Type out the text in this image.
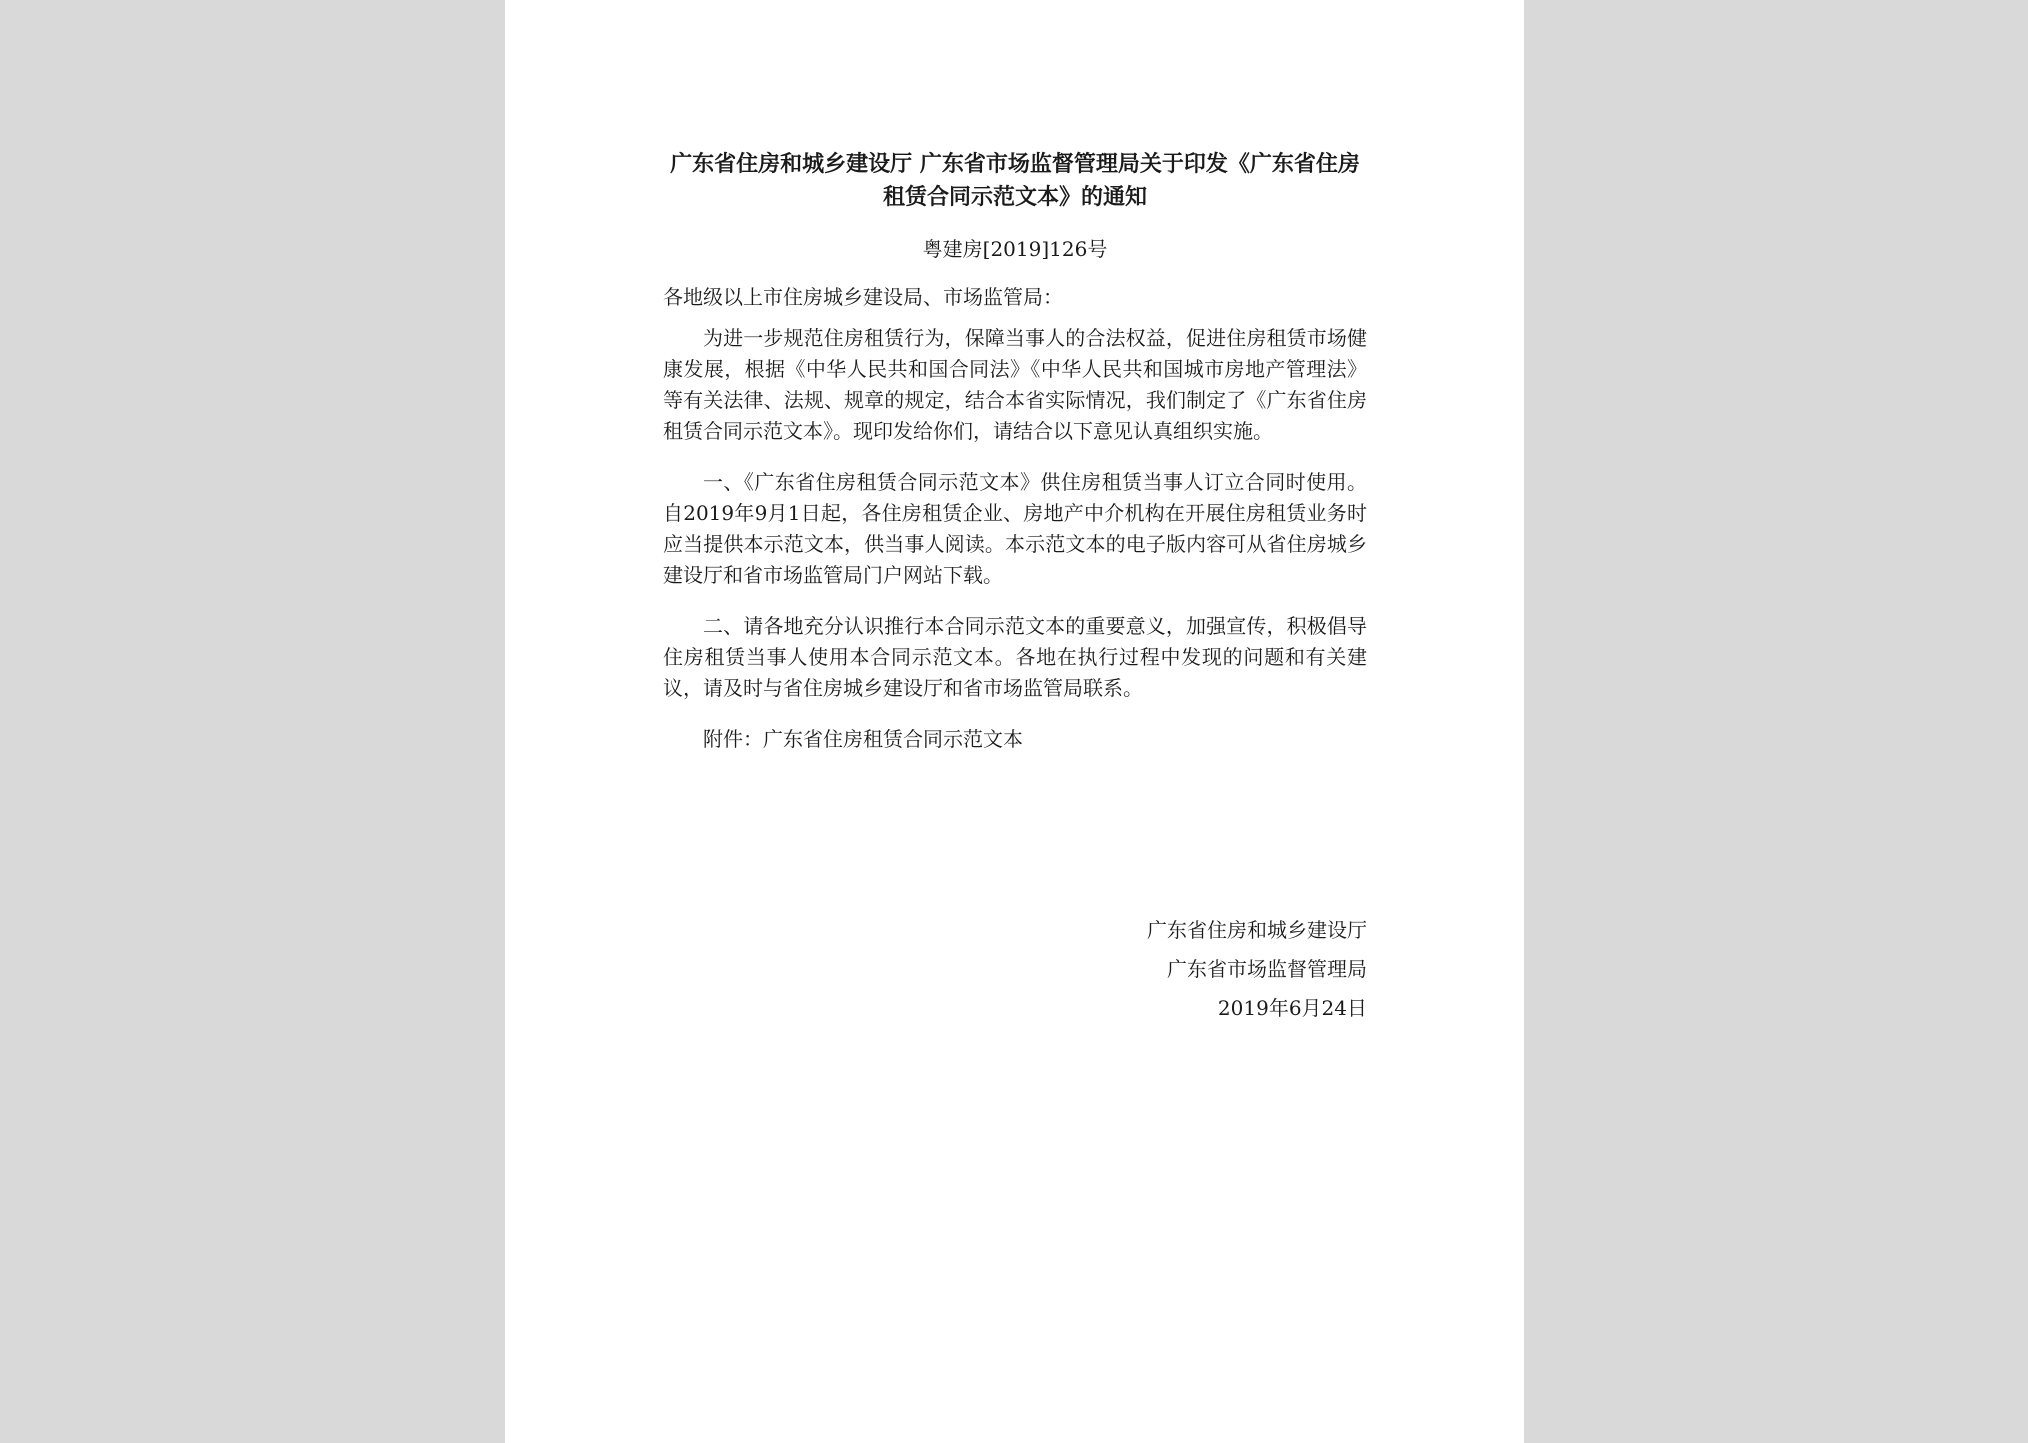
广东省住房和城乡建设厅 广东省市场监督管理局关于印发《广东省住房租赁合同示范文本》的通知
粤建房[2019]126号
各地级以上市住房城乡建设局、市场监管局：

为进一步规范住房租赁行为，保障当事人的合法权益，促进住房租赁市场健康发展，根据《中华人民共和国合同法》《中华人民共和国城市房地产管理法》等有关法律、法规、规章的规定，结合本省实际情况，我们制定了《广东省住房租赁合同示范文本》。现印发给你们，请结合以下意见认真组织实施。

一、《广东省住房租赁合同示范文本》供住房租赁当事人订立合同时使用。自2019年9月1日起，各住房租赁企业、房地产中介机构在开展住房租赁业务时应当提供本示范文本，供当事人阅读。本示范文本的电子版内容可从省住房城乡建设厅和省市场监管局门户网站下载。

二、请各地充分认识推行本合同示范文本的重要意义，加强宣传，积极倡导住房租赁当事人使用本合同示范文本。各地在执行过程中发现的问题和有关建议，请及时与省住房城乡建设厅和省市场监管局联系。

附件：广东省住房租赁合同示范文本
广东省住房和城乡建设厅
广东省市场监督管理局
2019年6月24日
